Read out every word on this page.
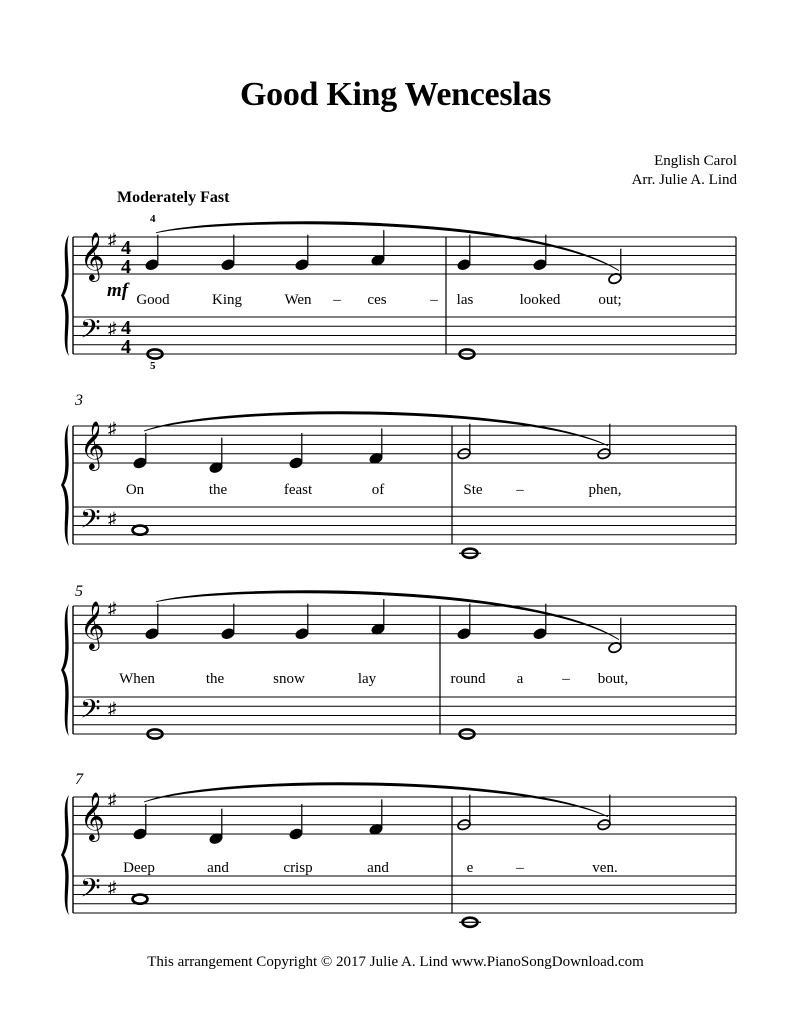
Good King Wenceslas
English Carol
Arr. Julie A. Lind
Moderately Fast
𝄞
𝄢
♯
♯
4
4
4
4
4
5
mf Good	King	Wen – ces	– las	looked	out;
𝄞
𝄢
♯
♯
3
On	the	feast	of	Ste –	phen,
𝄞
𝄢
♯
♯
5
When	the	snow	lay	round a	– bout,
𝄞
𝄢
♯
♯
7
Deep	and	crisp	and	e	–	ven.
This arrangement Copyright © 2017 Julie A. Lind www.PianoSongDownload.com
